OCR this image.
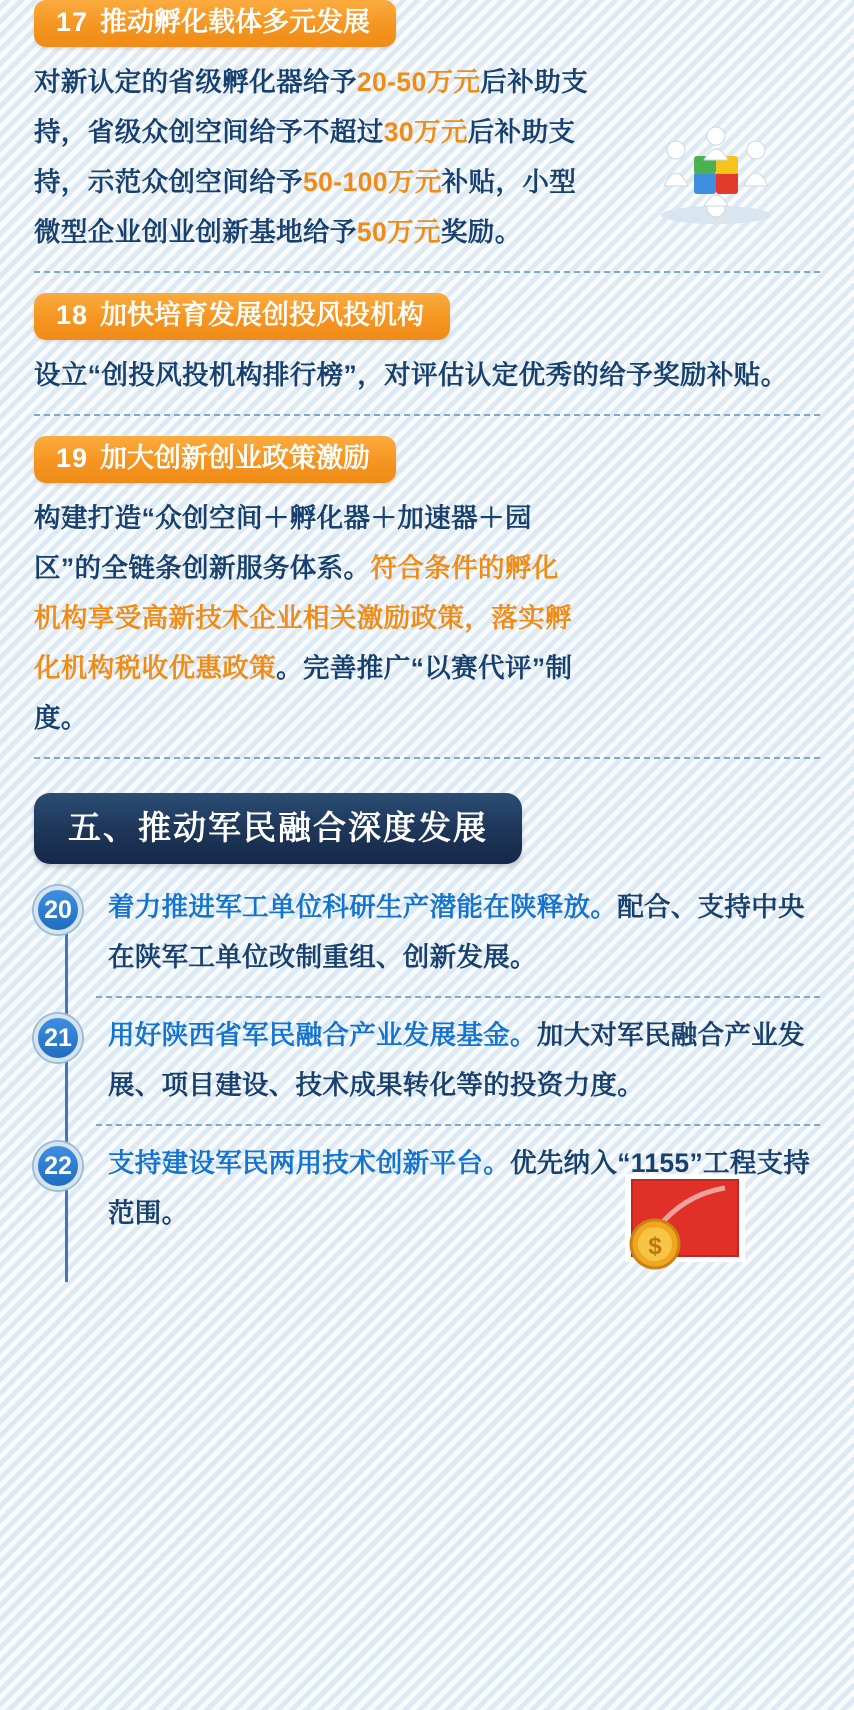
17 推动孵化载体多元发展

对新认定的省级孵化器给予20-50万元后补助支持，省级众创空间给予不超过30万元后补助支持，示范众创空间给予50-100万元补贴，小型微型企业创业创新基地给予50万元奖励。

18 加快培育发展创投风投机构

设立“创投风投机构排行榜”，对评估认定优秀的给予奖励补贴。

19 加大创新创业政策激励
$

构建打造“众创空间＋孵化器＋加速器＋园区”的全链条创新服务体系。符合条件的孵化机构享受高新技术企业相关激励政策，落实孵化机构税收优惠政策。完善推广“以赛代评”制度。

五、推动军民融合深度发展
20	着力推进军工单位科研生产潜能在陕释放。配合、支持中央在陕军工单位改制重组、创新发展。
21	用好陕西省军民融合产业发展基金。加大对军民融合产业发展、项目建设、技术成果转化等的投资力度。
22	支持建设军民两用技术创新平台。优先纳入“1155”工程支持范围。
